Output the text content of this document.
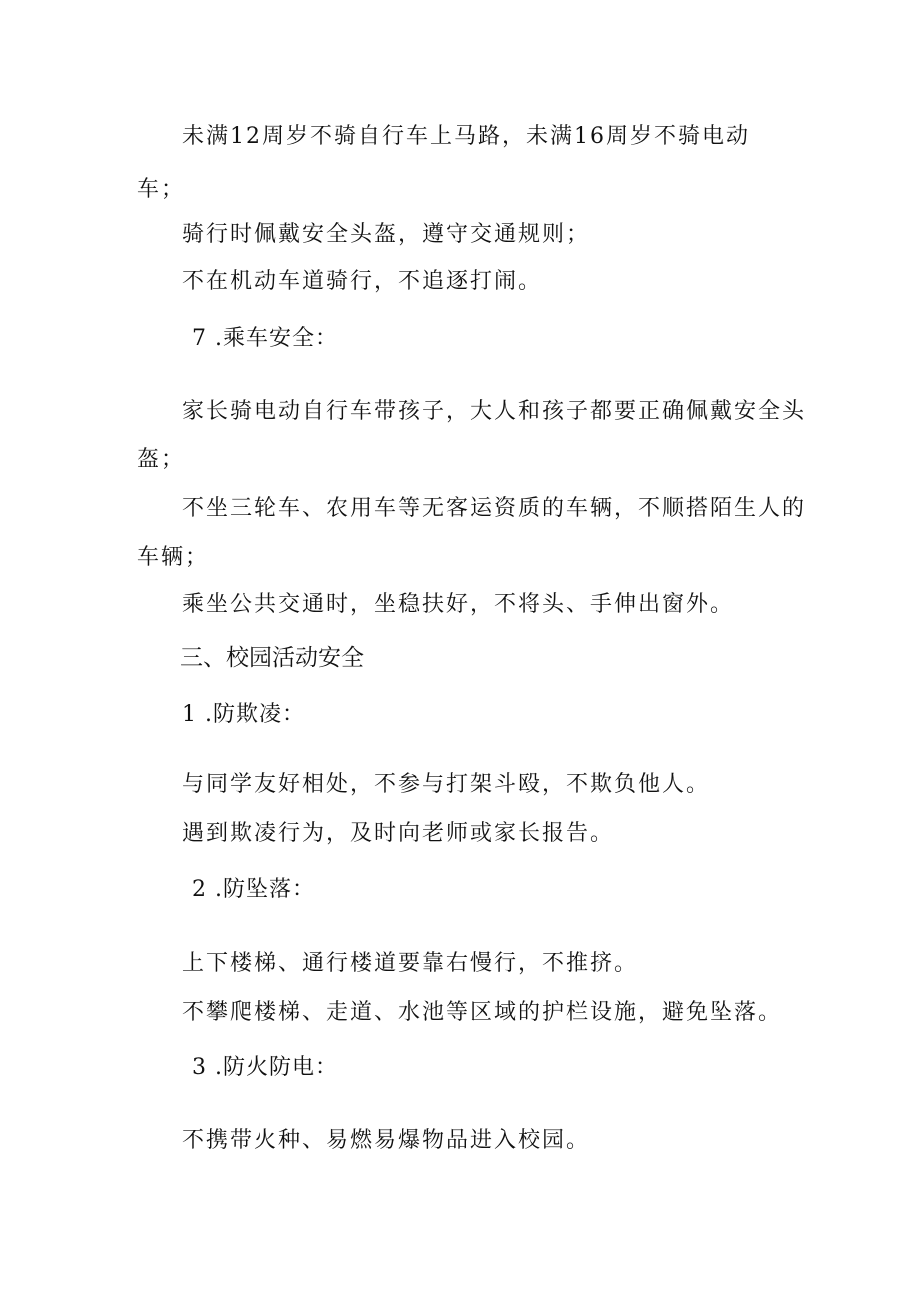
未满12周岁不骑自行车上马路，未满16周岁不骑电动
车；
骑行时佩戴安全头盔，遵守交通规则；
不在机动车道骑行，不追逐打闹。
7 .乘车安全：
家长骑电动自行车带孩子，大人和孩子都要正确佩戴安全头
盔；
不坐三轮车、农用车等无客运资质的车辆，不顺搭陌生人的
车辆；
乘坐公共交通时，坐稳扶好，不将头、手伸出窗外。
三、校园活动安全
1 .防欺凌：
与同学友好相处，不参与打架斗殴，不欺负他人。
遇到欺凌行为，及时向老师或家长报告。
2 .防坠落：
上下楼梯、通行楼道要靠右慢行，不推挤。
不攀爬楼梯、走道、水池等区域的护栏设施，避免坠落。
3 .防火防电：
不携带火种、易燃易爆物品进入校园。
